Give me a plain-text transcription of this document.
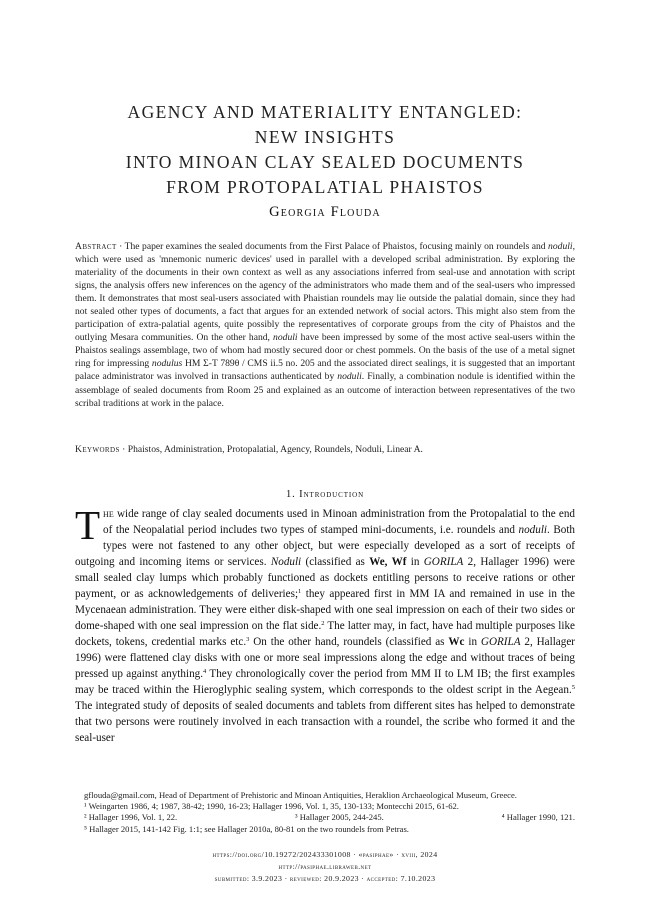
AGENCY AND MATERIALITY ENTANGLED:
NEW INSIGHTS
INTO MINOAN CLAY SEALED DOCUMENTS
FROM PROTOPALATIAL PHAISTOS
Georgia Flouda

Abstract · The paper examines the sealed documents from the First Palace of Phaistos, focusing mainly on roundels and noduli, which were used as 'mnemonic numeric devices' used in parallel with a developed scribal administration. By exploring the materiality of the documents in their own context as well as any associations inferred from seal-use and annotation with script signs, the analysis offers new inferences on the agency of the administrators who made them and of the seal-users who impressed them. It demonstrates that most seal-users associated with Phaistian roundels may lie outside the palatial domain, since they had not sealed other types of documents, a fact that argues for an extended network of social actors. This might also stem from the participation of extra-palatial agents, quite possibly the representatives of corporate groups from the city of Phaistos and the outlying Mesara communities. On the other hand, noduli have been impressed by some of the most active seal-users within the Phaistos sealings assemblage, two of whom had mostly secured door or chest pommels. On the basis of the use of a metal signet ring for impressing nodulus HM Σ-Τ 789θ / CMS ii.5 no. 205 and the associated direct sealings, it is suggested that an important palace administrator was involved in transactions authenticated by noduli. Finally, a combination nodule is identified within the assemblage of sealed documents from Room 25 and explained as an outcome of interaction between representatives of the two scribal traditions at work in the palace.

Keywords · Phaistos, Administration, Protopalatial, Agency, Roundels, Noduli, Linear A.

1. Introduction

The wide range of clay sealed documents used in Minoan administration from the Protopalatial to the end of the Neopalatial period includes two types of stamped mini-documents, i.e. roundels and noduli. Both types were not fastened to any other object, but were especially developed as a sort of receipts of outgoing and incoming items or services. Noduli (classified as We, Wf in GORILA 2, Hallager 1996) were small sealed clay lumps which probably functioned as dockets entitling persons to receive rations or other payment, or as acknowledgements of deliveries;$^1$ they appeared first in MM IA and remained in use in the Mycenaean administration. They were either disk-shaped with one seal impression on each of their two sides or dome-shaped with one seal impression on the flat side.$^2$ The latter may, in fact, have had multiple purposes like dockets, tokens, credential marks etc.$^3$ On the other hand, roundels (classified as Wc in GORILA 2, Hallager 1996) were flattened clay disks with one or more seal impressions along the edge and without traces of being pressed up against anything.$^4$ They chronologically cover the period from MM II to LM IB; the first examples may be traced within the Hieroglyphic sealing system, which corresponds to the oldest script in the Aegean.$^5$ The integrated study of deposits of sealed documents and tablets from different sites has helped to demonstrate that two persons were routinely involved in each transaction with a roundel, the scribe who formed it and the seal-user

gflouda@gmail.com, Head of Department of Prehistoric and Minoan Antiquities, Heraklion Archaeological Museum, Greece.

¹ Weingarten 1986, 4; 1987, 38-42; 1990, 16-23; Hallager 1996, Vol. 1, 35, 130-133; Montecchi 2015, 61-62.

² Hallager 1996, Vol. 1, 22.	³ Hallager 2005, 244-245.	⁴ Hallager 1990, 121.

⁵ Hallager 2015, 141-142 Fig. 1:1; see Hallager 2010a, 80-81 on the two roundels from Petras.

https://doi.org/10.19272/202433301008 · «pasiphae» · xviii, 2024
http://pasiphae.libraweb.net
submitted: 3.9.2023 · reviewed: 20.9.2023 · accepted: 7.10.2023
